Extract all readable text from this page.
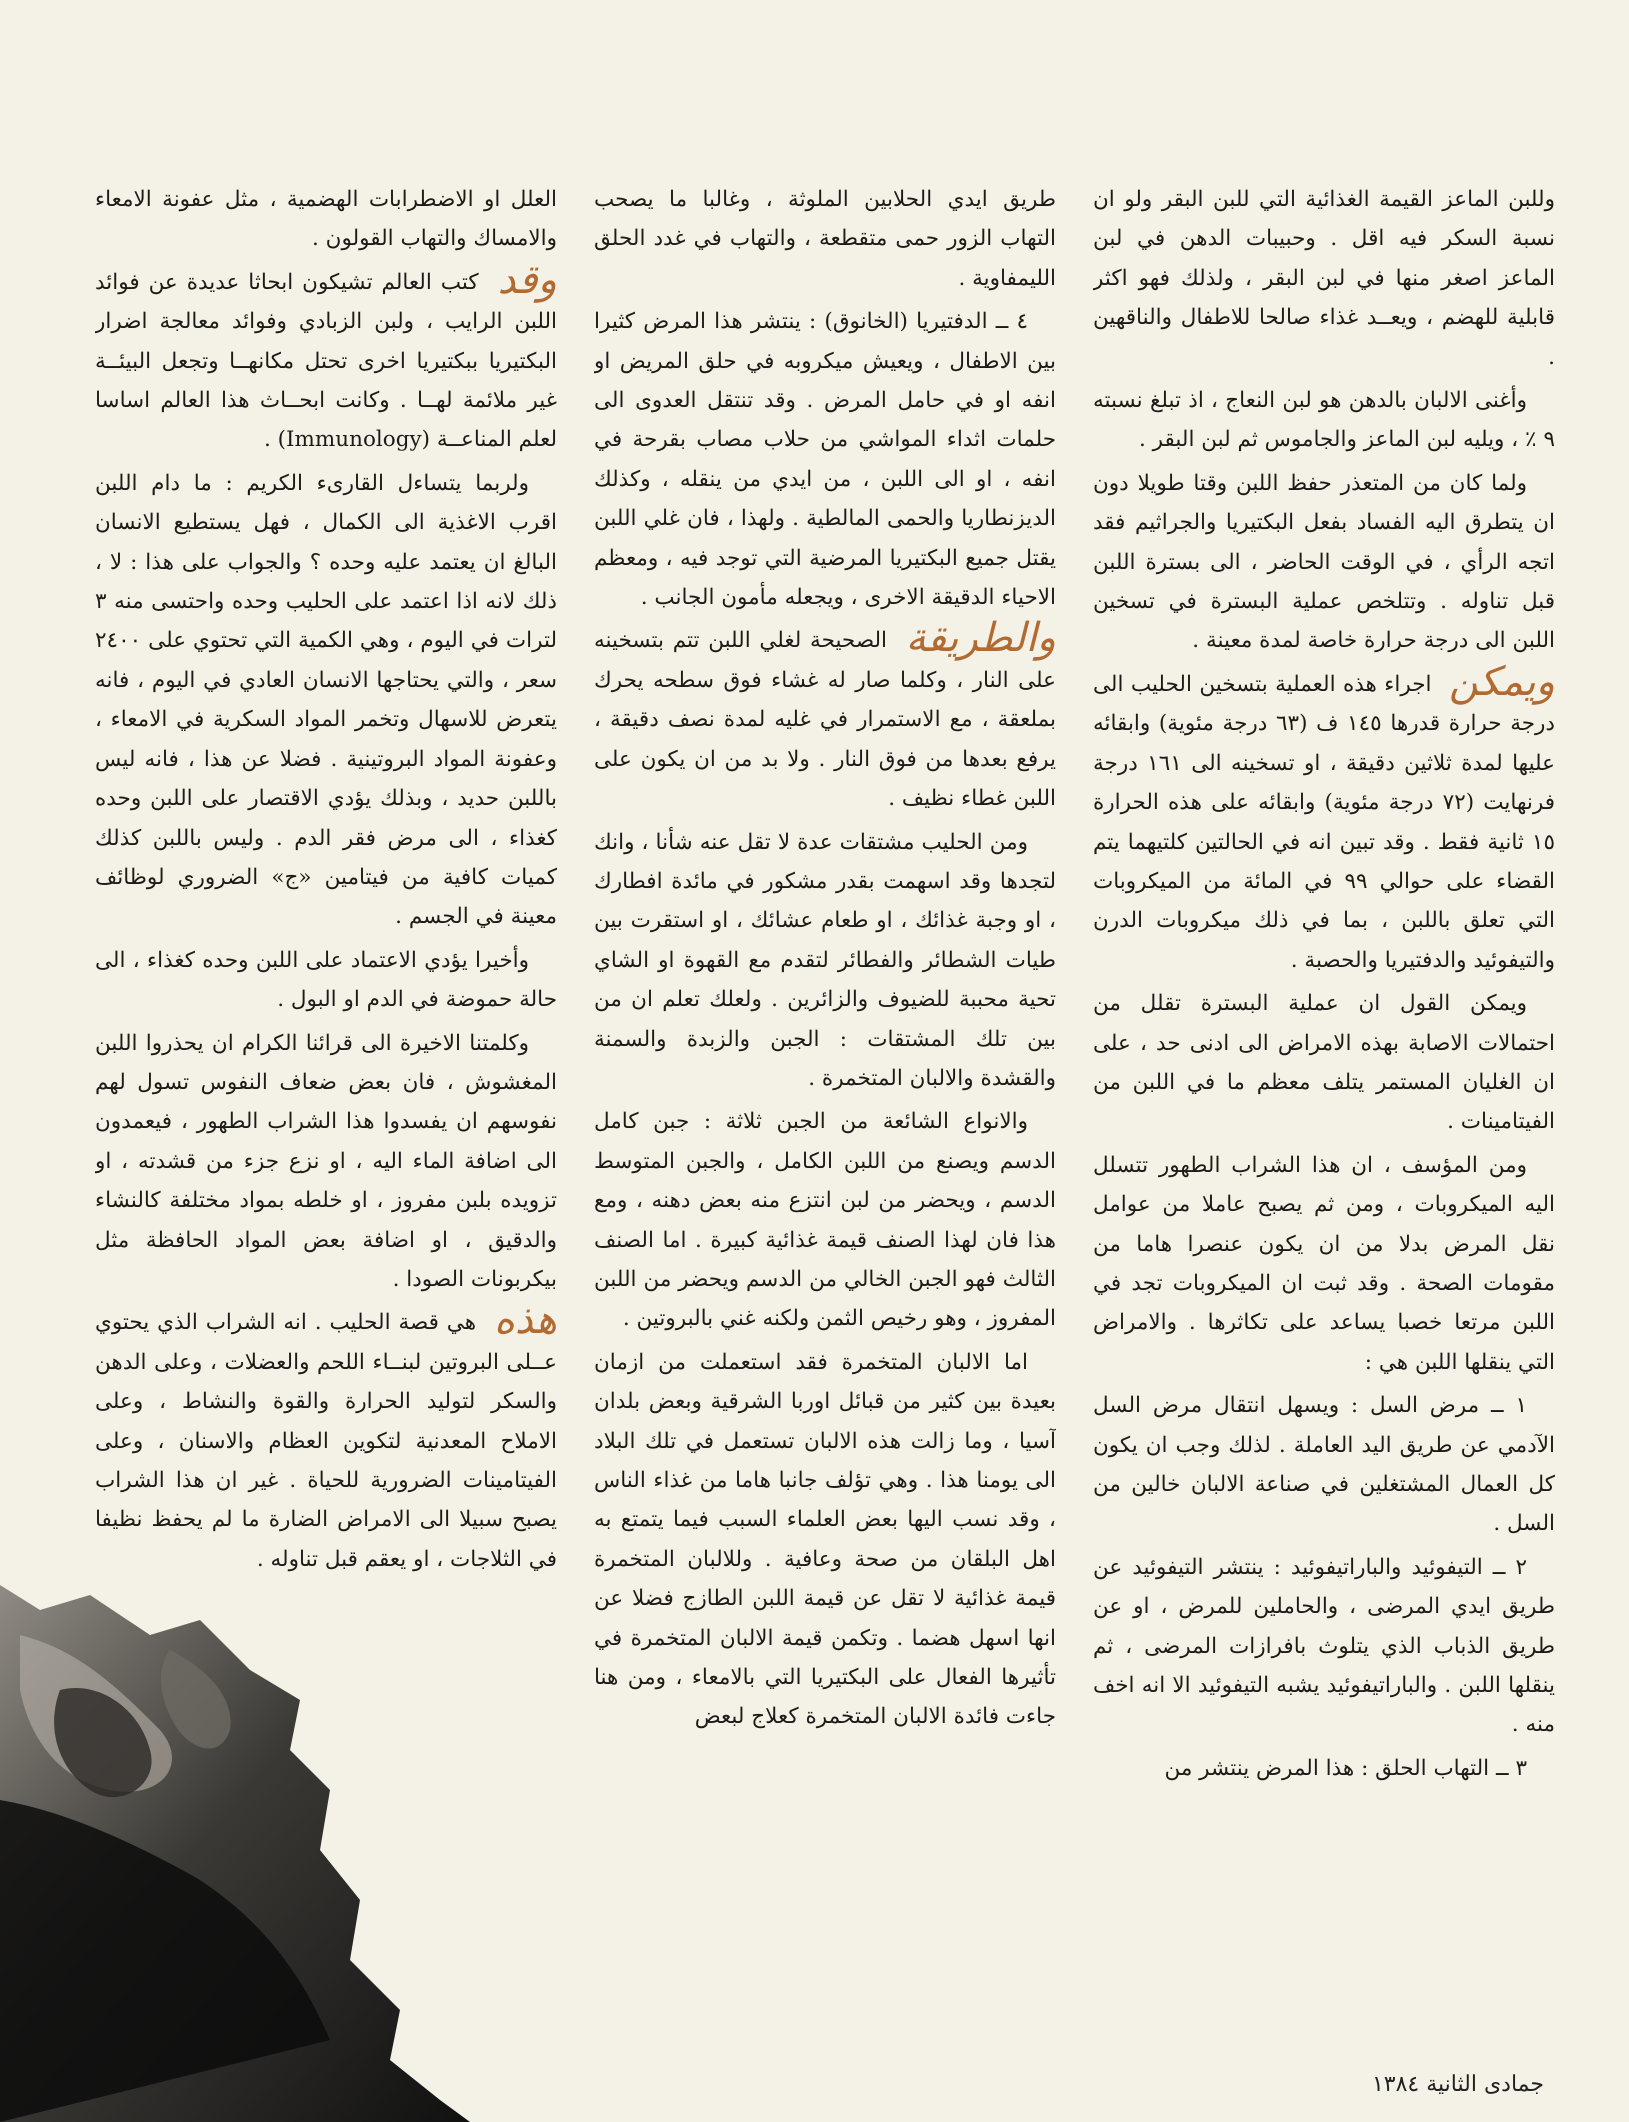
وللبن الماعز القيمة الغذائية التي للبن البقر ولو ان نسبة السكر فيه اقل . وحبيبات الدهن في لبن الماعز اصغر منها في لبن البقر ، ولذلك فهو اكثر قابلية للهضم ، ويعــد غذاء صالحا للاطفال والناقهين .

وأغنى الالبان بالدهن هو لبن النعاج ، اذ تبلغ نسبته ٩ ٪ ، ويليه لبن الماعز والجاموس ثم لبن البقر .

ولما كان من المتعذر حفظ اللبن وقتا طويلا دون ان يتطرق اليه الفساد بفعل البكتيريا والجراثيم فقد اتجه الرأي ، في الوقت الحاضر ، الى بسترة اللبن قبل تناوله . وتتلخص عملية البسترة في تسخين اللبن الى درجة حرارة خاصة لمدة معينة .

ويمكن اجراء هذه العملية بتسخين الحليب الى درجة حرارة قدرها ١٤٥ ف (٦٣ درجة مئوية) وابقائه عليها لمدة ثلاثين دقيقة ، او تسخينه الى ١٦١ درجة فرنهايت (٧٢ درجة مئوية) وابقائه على هذه الحرارة ١٥ ثانية فقط . وقد تبين انه في الحالتين كلتيهما يتم القضاء على حوالي ٩٩ في المائة من الميكروبات التي تعلق باللبن ، بما في ذلك ميكروبات الدرن والتيفوئيد والدفتيريا والحصبة .

ويمكن القول ان عملية البسترة تقلل من احتمالات الاصابة بهذه الامراض الى ادنى حد ، على ان الغليان المستمر يتلف معظم ما في اللبن من الفيتامينات .

ومن المؤسف ، ان هذا الشراب الطهور تتسلل اليه الميكروبات ، ومن ثم يصبح عاملا من عوامل نقل المرض بدلا من ان يكون عنصرا هاما من مقومات الصحة . وقد ثبت ان الميكروبات تجد في اللبن مرتعا خصبا يساعد على تكاثرها . والامراض التي ينقلها اللبن هي :

١ ــ مرض السل : ويسهل انتقال مرض السل الآدمي عن طريق اليد العاملة . لذلك وجب ان يكون كل العمال المشتغلين في صناعة الالبان خالين من السل .

٢ ــ التيفوئيد والباراتيفوئيد : ينتشر التيفوئيد عن طريق ايدي المرضى ، والحاملين للمرض ، او عن طريق الذباب الذي يتلوث بافرازات المرضى ، ثم ينقلها اللبن . والباراتيفوئيد يشبه التيفوئيد الا انه اخف منه .

٣ ــ التهاب الحلق : هذا المرض ينتشر من

طريق ايدي الحلابين الملوثة ، وغالبا ما يصحب التهاب الزور حمى متقطعة ، والتهاب في غدد الحلق الليمفاوية .

٤ ــ الدفتيريا (الخانوق) : ينتشر هذا المرض كثيرا بين الاطفال ، ويعيش ميكروبه في حلق المريض او انفه او في حامل المرض . وقد تنتقل العدوى الى حلمات اثداء المواشي من حلاب مصاب بقرحة في انفه ، او الى اللبن ، من ايدي من ينقله ، وكذلك الديزنطاريا والحمى المالطية . ولهذا ، فان غلي اللبن يقتل جميع البكتيريا المرضية التي توجد فيه ، ومعظم الاحياء الدقيقة الاخرى ، ويجعله مأمون الجانب .

والطريقة الصحيحة لغلي اللبن تتم بتسخينه على النار ، وكلما صار له غشاء فوق سطحه يحرك بملعقة ، مع الاستمرار في غليه لمدة نصف دقيقة ، يرفع بعدها من فوق النار . ولا بد من ان يكون على اللبن غطاء نظيف .

ومن الحليب مشتقات عدة لا تقل عنه شأنا ، وانك لتجدها وقد اسهمت بقدر مشكور في مائدة افطارك ، او وجبة غذائك ، او طعام عشائك ، او استقرت بين طيات الشطائر والفطائر لتقدم مع القهوة او الشاي تحية محببة للضيوف والزائرين . ولعلك تعلم ان من بين تلك المشتقات : الجبن والزبدة والسمنة والقشدة والالبان المتخمرة .

والانواع الشائعة من الجبن ثلاثة : جبن كامل الدسم ويصنع من اللبن الكامل ، والجبن المتوسط الدسم ، ويحضر من لبن انتزع منه بعض دهنه ، ومع هذا فان لهذا الصنف قيمة غذائية كبيرة . اما الصنف الثالث فهو الجبن الخالي من الدسم ويحضر من اللبن المفروز ، وهو رخيص الثمن ولكنه غني بالبروتين .

اما الالبان المتخمرة فقد استعملت من ازمان بعيدة بين كثير من قبائل اوربا الشرقية وبعض بلدان آسيا ، وما زالت هذه الالبان تستعمل في تلك البلاد الى يومنا هذا . وهي تؤلف جانبا هاما من غذاء الناس ، وقد نسب اليها بعض العلماء السبب فيما يتمتع به اهل البلقان من صحة وعافية . وللالبان المتخمرة قيمة غذائية لا تقل عن قيمة اللبن الطازج فضلا عن انها اسهل هضما . وتكمن قيمة الالبان المتخمرة في تأثيرها الفعال على البكتيريا التي بالامعاء ، ومن هنا جاءت فائدة الالبان المتخمرة كعلاج لبعض

العلل او الاضطرابات الهضمية ، مثل عفونة الامعاء والامساك والتهاب القولون .

وقد كتب العالم تشيكون ابحاثا عديدة عن فوائد اللبن الرايب ، ولبن الزبادي وفوائد معالجة اضرار البكتيريا ببكتيريا اخرى تحتل مكانهــا وتجعل البيئــة غير ملائمة لهــا . وكانت ابحــاث هذا العالم اساسا لعلم المناعــة (Immunology) .

ولربما يتساءل القارىء الكريم : ما دام اللبن اقرب الاغذية الى الكمال ، فهل يستطيع الانسان البالغ ان يعتمد عليه وحده ؟ والجواب على هذا : لا ، ذلك لانه اذا اعتمد على الحليب وحده واحتسى منه ٣ لترات في اليوم ، وهي الكمية التي تحتوي على ٢٤٠٠ سعر ، والتي يحتاجها الانسان العادي في اليوم ، فانه يتعرض للاسهال وتخمر المواد السكرية في الامعاء ، وعفونة المواد البروتينية . فضلا عن هذا ، فانه ليس باللبن حديد ، وبذلك يؤدي الاقتصار على اللبن وحده كغذاء ، الى مرض فقر الدم . وليس باللبن كذلك كميات كافية من فيتامين «ج» الضروري لوظائف معينة في الجسم .

وأخيرا يؤدي الاعتماد على اللبن وحده كغذاء ، الى حالة حموضة في الدم او البول .

وكلمتنا الاخيرة الى قرائنا الكرام ان يحذروا اللبن المغشوش ، فان بعض ضعاف النفوس تسول لهم نفوسهم ان يفسدوا هذا الشراب الطهور ، فيعمدون الى اضافة الماء اليه ، او نزع جزء من قشدته ، او تزويده بلبن مفروز ، او خلطه بمواد مختلفة كالنشاء والدقيق ، او اضافة بعض المواد الحافظة مثل بيكربونات الصودا .

هذه هي قصة الحليب . انه الشراب الذي يحتوي عــلى البروتين لبنــاء اللحم والعضلات ، وعلى الدهن والسكر لتوليد الحرارة والقوة والنشاط ، وعلى الاملاح المعدنية لتكوين العظام والاسنان ، وعلى الفيتامينات الضرورية للحياة . غير ان هذا الشراب يصبح سبيلا الى الامراض الضارة ما لم يحفظ نظيفا في الثلاجات ، او يعقم قبل تناوله .

جمادى الثانية ١٣٨٤
